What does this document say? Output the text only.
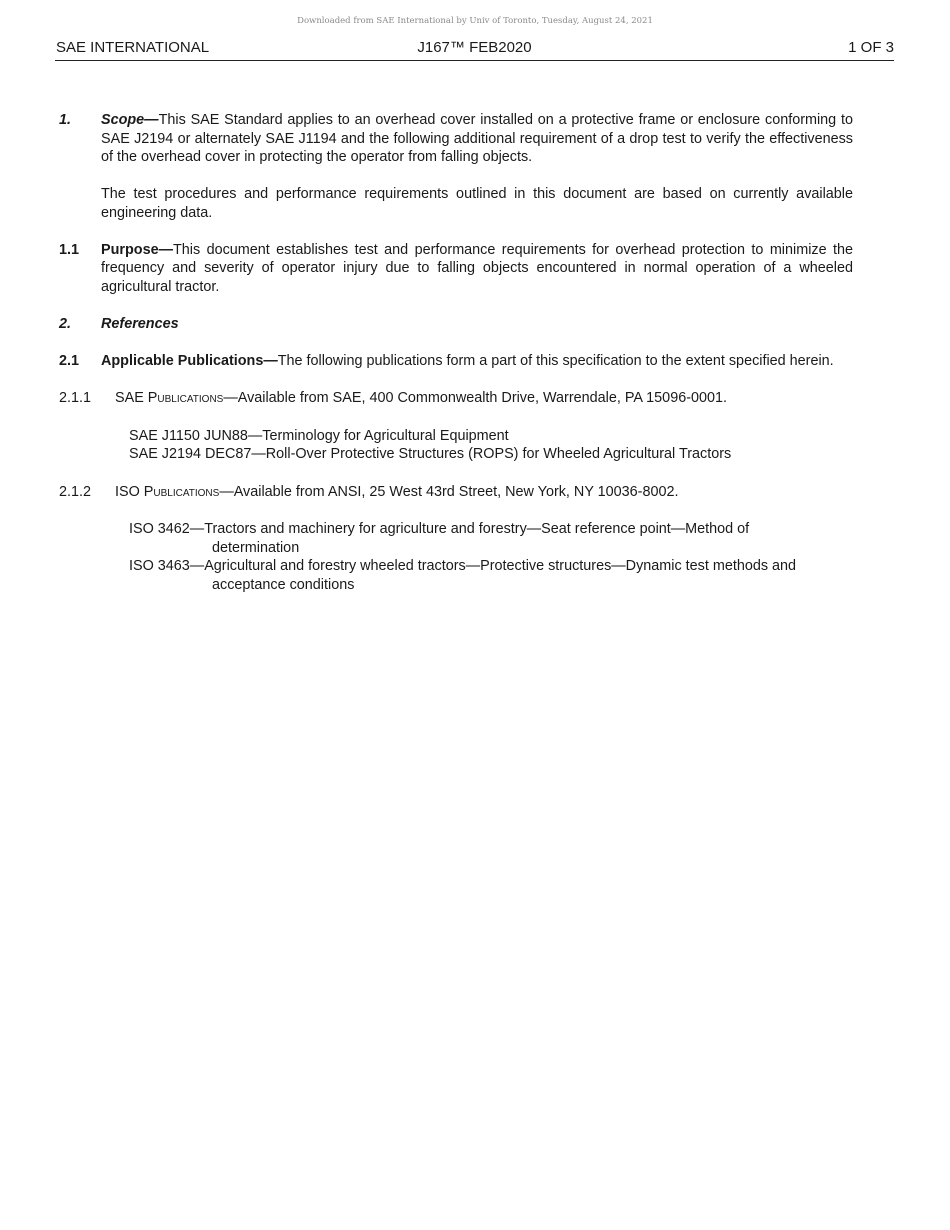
Downloaded from SAE International by Univ of Toronto, Tuesday, August 24, 2021
J167™ FEB2020
SAE INTERNATIONAL	1 OF 3
1. Scope—This SAE Standard applies to an overhead cover installed on a protective frame or enclosure conforming to SAE J2194 or alternately SAE J1194 and the following additional requirement of a drop test to verify the effectiveness of the overhead cover in protecting the operator from falling objects.
The test procedures and performance requirements outlined in this document are based on currently available engineering data.
1.1 Purpose—This document establishes test and performance requirements for overhead protection to minimize the frequency and severity of operator injury due to falling objects encountered in normal operation of a wheeled agricultural tractor.
2. References
2.1 Applicable Publications—The following publications form a part of this specification to the extent specified herein.
2.1.1 SAE Publications—Available from SAE, 400 Commonwealth Drive, Warrendale, PA 15096-0001.
SAE J1150 JUN88—Terminology for Agricultural Equipment
SAE J2194 DEC87—Roll-Over Protective Structures (ROPS) for Wheeled Agricultural Tractors
2.1.2 ISO Publications—Available from ANSI, 25 West 43rd Street, New York, NY 10036-8002.
ISO 3462—Tractors and machinery for agriculture and forestry—Seat reference point—Method of
determination
ISO 3463—Agricultural and forestry wheeled tractors—Protective structures—Dynamic test methods and
acceptance conditions
